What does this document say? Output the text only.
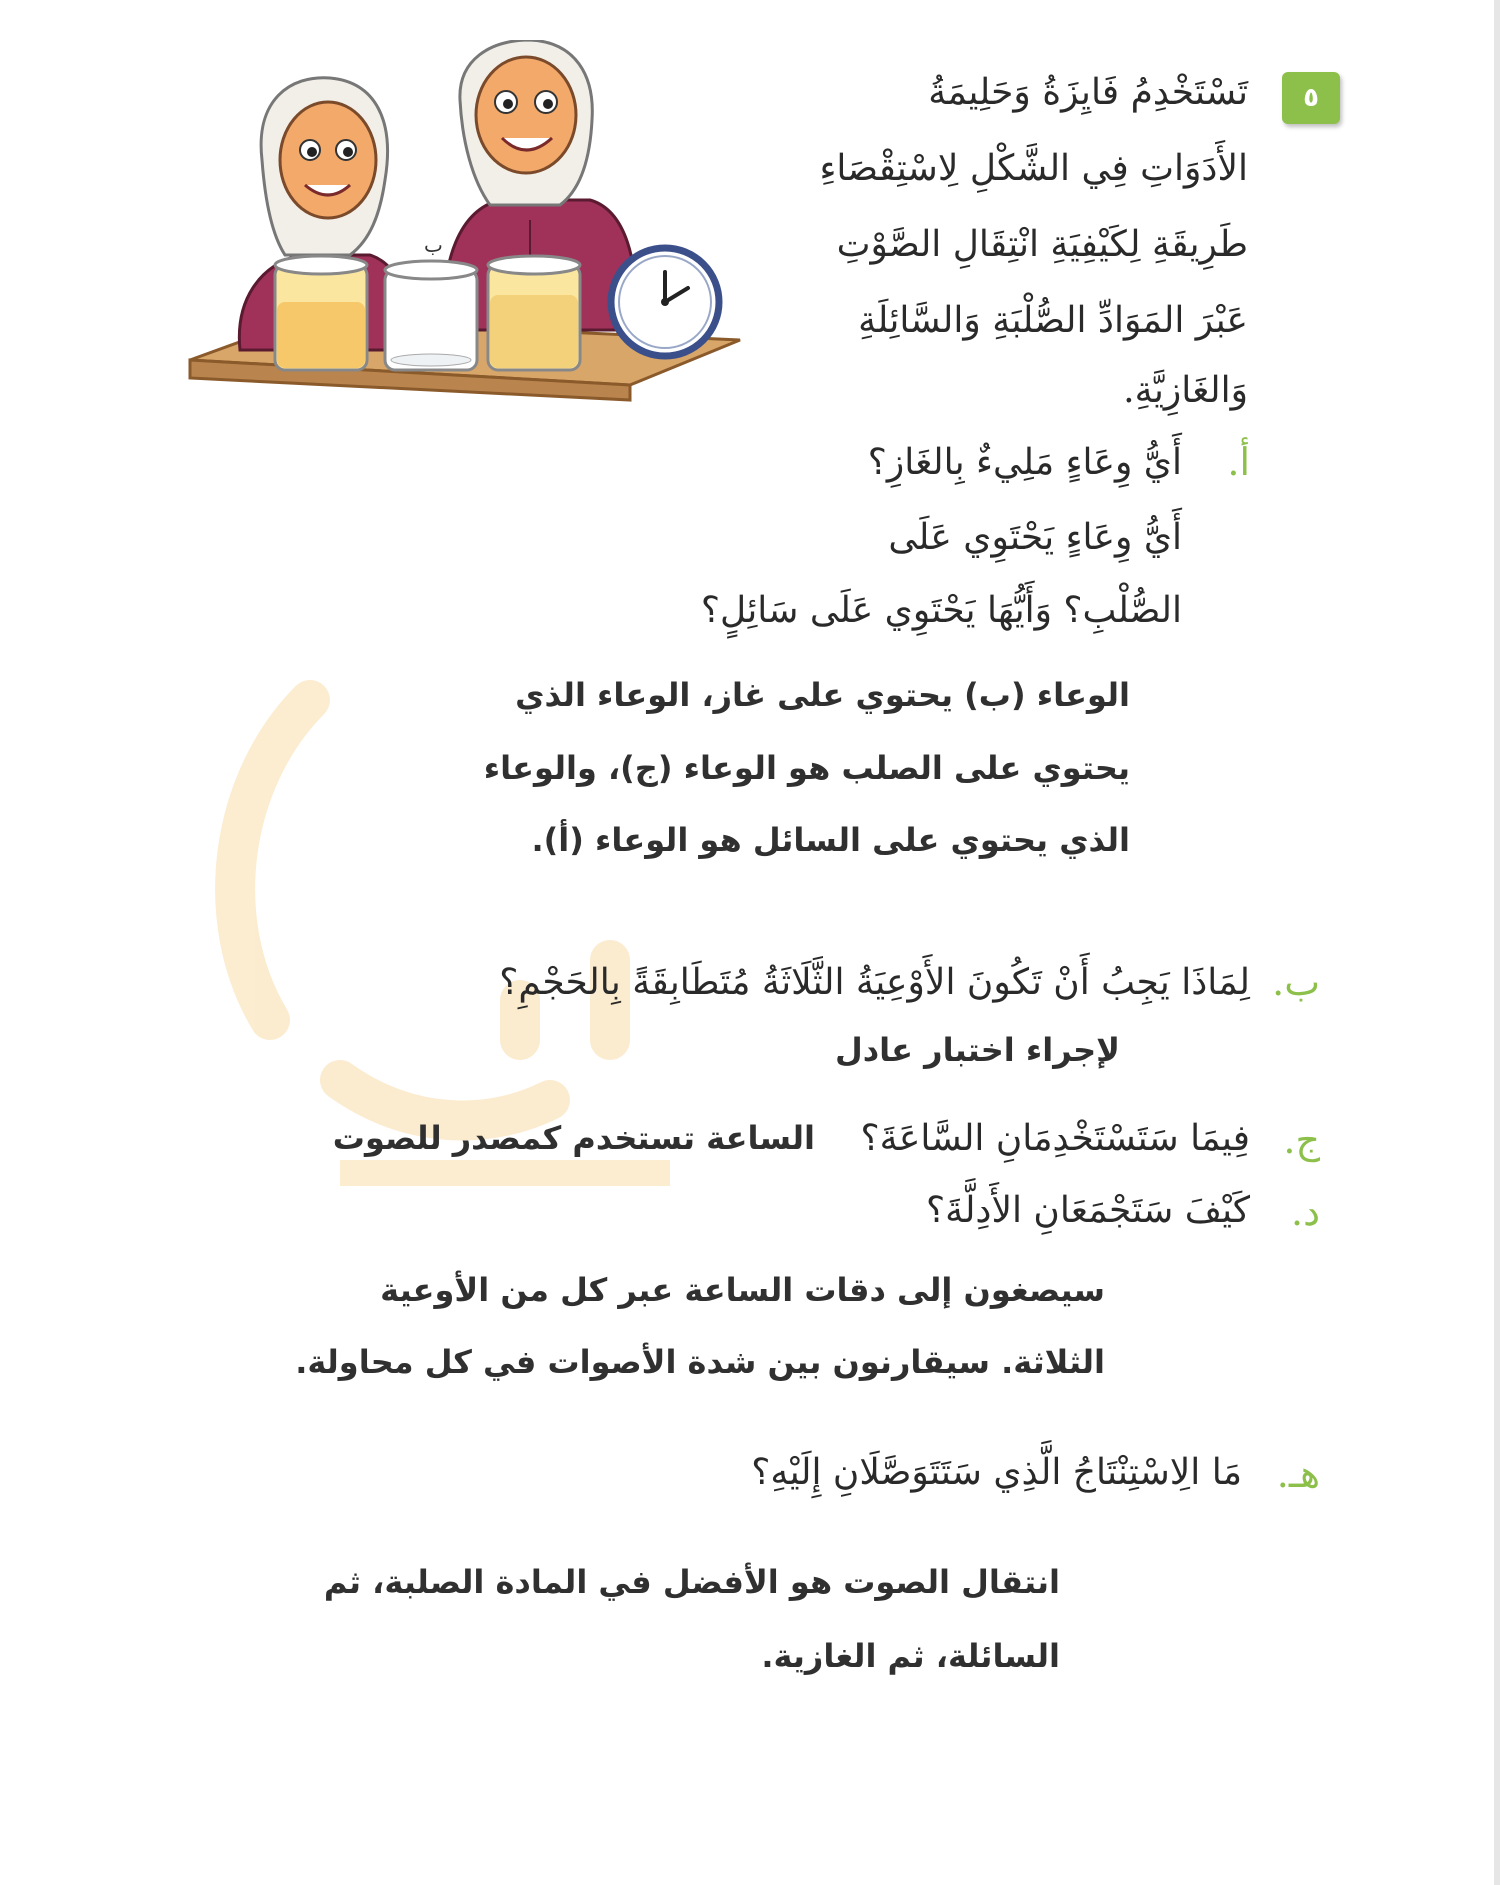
ب
٥
تَسْتَخْدِمُ فَايِزَةُ وَحَلِيمَةُ
الأَدَوَاتِ فِي الشَّكْلِ لِاسْتِقْصَاءِ
طَرِيقَةِ لِكَيْفِيَةِ انْتِقَالِ الصَّوْتِ
عَبْرَ المَوَادِّ الصُّلْبَةِ وَالسَّائِلَةِ
وَالغَازِيَّةِ.
أ.
أَيُّ وِعَاءٍ مَلِيءٌ بِالغَازِ؟
أَيُّ وِعَاءٍ يَحْتَوِي عَلَى
الصُّلْبِ؟ وَأَيُّهَا يَحْتَوِي عَلَى سَائِلٍ؟
الوعاء (ب) يحتوي على غاز، الوعاء الذي
يحتوي على الصلب هو الوعاء (ج)، والوعاء
الذي يحتوي على السائل هو الوعاء (أ).
ب.
لِمَاذَا يَجِبُ أَنْ تَكُونَ الأَوْعِيَةُ الثَّلَاثَةُ مُتَطَابِقَةً بِالحَجْمِ؟
لإجراء اختبار عادل
ج.
فِيمَا سَتَسْتَخْدِمَانِ السَّاعَةَ؟
الساعة تستخدم كمصدر للصوت
د.
كَيْفَ سَتَجْمَعَانِ الأَدِلَّةَ؟
سيصغون إلى دقات الساعة عبر كل من الأوعية
الثلاثة. سيقارنون بين شدة الأصوات في كل محاولة.
هـ.
مَا الِاسْتِنْتَاجُ الَّذِي سَتَتَوَصَّلَانِ إِلَيْهِ؟
انتقال الصوت هو الأفضل في المادة الصلبة، ثم
السائلة، ثم الغازية.
